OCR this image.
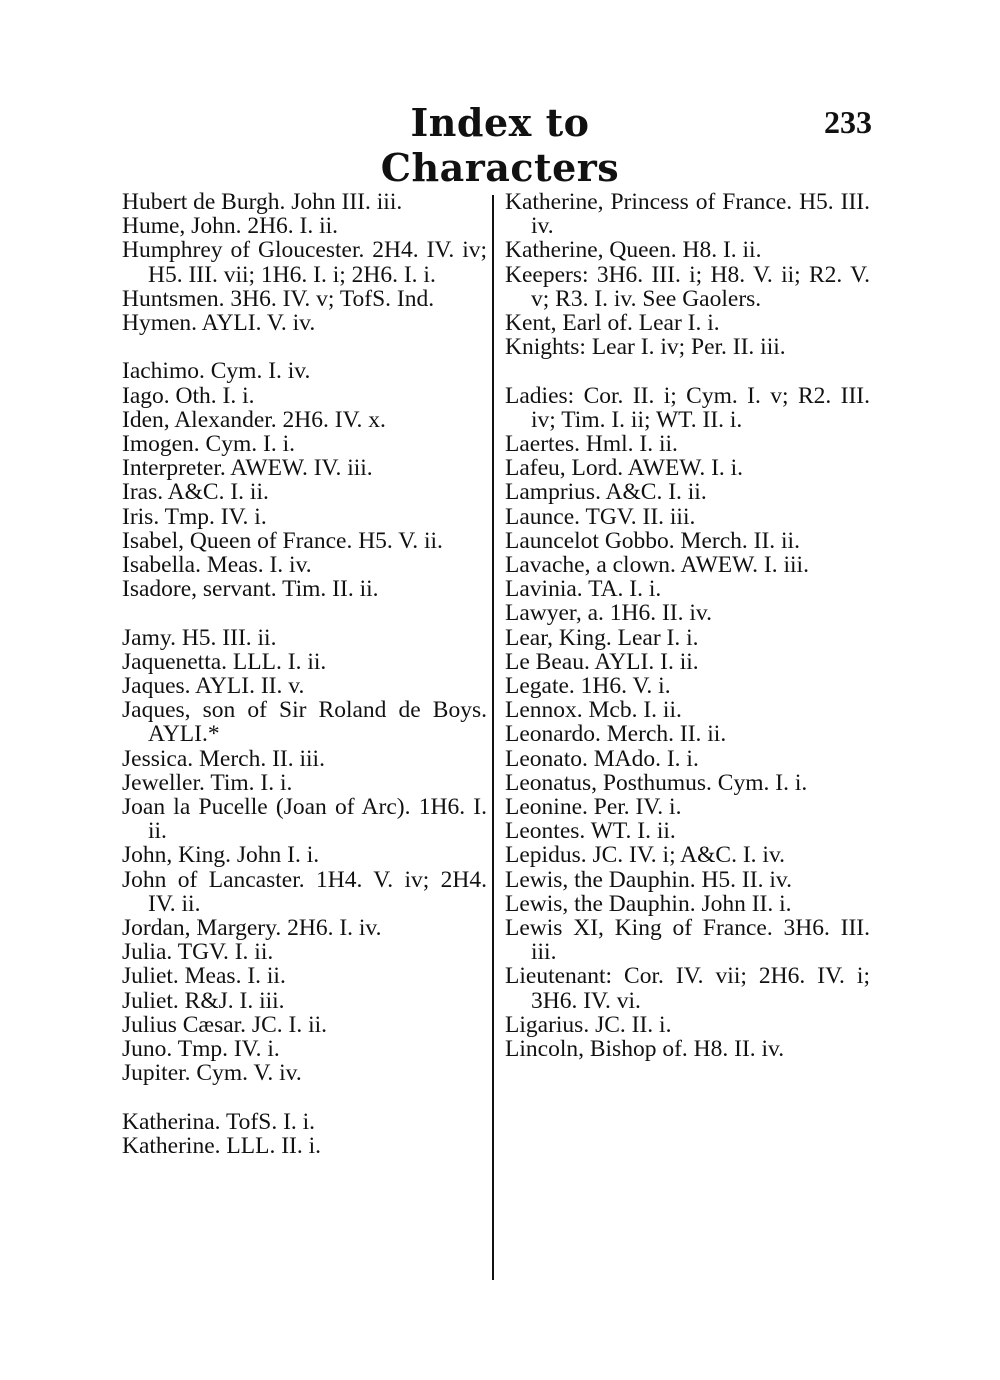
Index to Characters
233
Hubert de Burgh. John III. iii.
Hume, John. 2H6. I. ii.
Humphrey of Gloucester. 2H4. IV. iv; H5. III. vii; 1H6. I. i; 2H6. I. i.
Huntsmen. 3H6. IV. v; TofS. Ind.
Hymen. AYLI. V. iv.
Iachimo. Cym. I. iv.
Iago. Oth. I. i.
Iden, Alexander. 2H6. IV. x.
Imogen. Cym. I. i.
Interpreter. AWEW. IV. iii.
Iras. A&C. I. ii.
Iris. Tmp. IV. i.
Isabel, Queen of France. H5. V. ii.
Isabella. Meas. I. iv.
Isadore, servant. Tim. II. ii.
Jamy. H5. III. ii.
Jaquenetta. LLL. I. ii.
Jaques. AYLI. II. v.
Jaques, son of Sir Roland de Boys. AYLI.*
Jessica. Merch. II. iii.
Jeweller. Tim. I. i.
Joan la Pucelle (Joan of Arc). 1H6. I. ii.
John, King. John I. i.
John of Lancaster. 1H4. V. iv; 2H4. IV. ii.
Jordan, Margery. 2H6. I. iv.
Julia. TGV. I. ii.
Juliet. Meas. I. ii.
Juliet. R&J. I. iii.
Julius Cæsar. JC. I. ii.
Juno. Tmp. IV. i.
Jupiter. Cym. V. iv.
Katherina. TofS. I. i.
Katherine. LLL. II. i.
Katherine, Princess of France. H5. III. iv.
Katherine, Queen. H8. I. ii.
Keepers: 3H6. III. i; H8. V. ii; R2. V. v; R3. I. iv. See Gaolers.
Kent, Earl of. Lear I. i.
Knights: Lear I. iv; Per. II. iii.
Ladies: Cor. II. i; Cym. I. v; R2. III. iv; Tim. I. ii; WT. II. i.
Laertes. Hml. I. ii.
Lafeu, Lord. AWEW. I. i.
Lamprius. A&C. I. ii.
Launce. TGV. II. iii.
Launcelot Gobbo. Merch. II. ii.
Lavache, a clown. AWEW. I. iii.
Lavinia. TA. I. i.
Lawyer, a. 1H6. II. iv.
Lear, King. Lear I. i.
Le Beau. AYLI. I. ii.
Legate. 1H6. V. i.
Lennox. Mcb. I. ii.
Leonardo. Merch. II. ii.
Leonato. MAdo. I. i.
Leonatus, Posthumus. Cym. I. i.
Leonine. Per. IV. i.
Leontes. WT. I. ii.
Lepidus. JC. IV. i; A&C. I. iv.
Lewis, the Dauphin. H5. II. iv.
Lewis, the Dauphin. John II. i.
Lewis XI, King of France. 3H6. III. iii.
Lieutenant: Cor. IV. vii; 2H6. IV. i; 3H6. IV. vi.
Ligarius. JC. II. i.
Lincoln, Bishop of. H8. II. iv.
